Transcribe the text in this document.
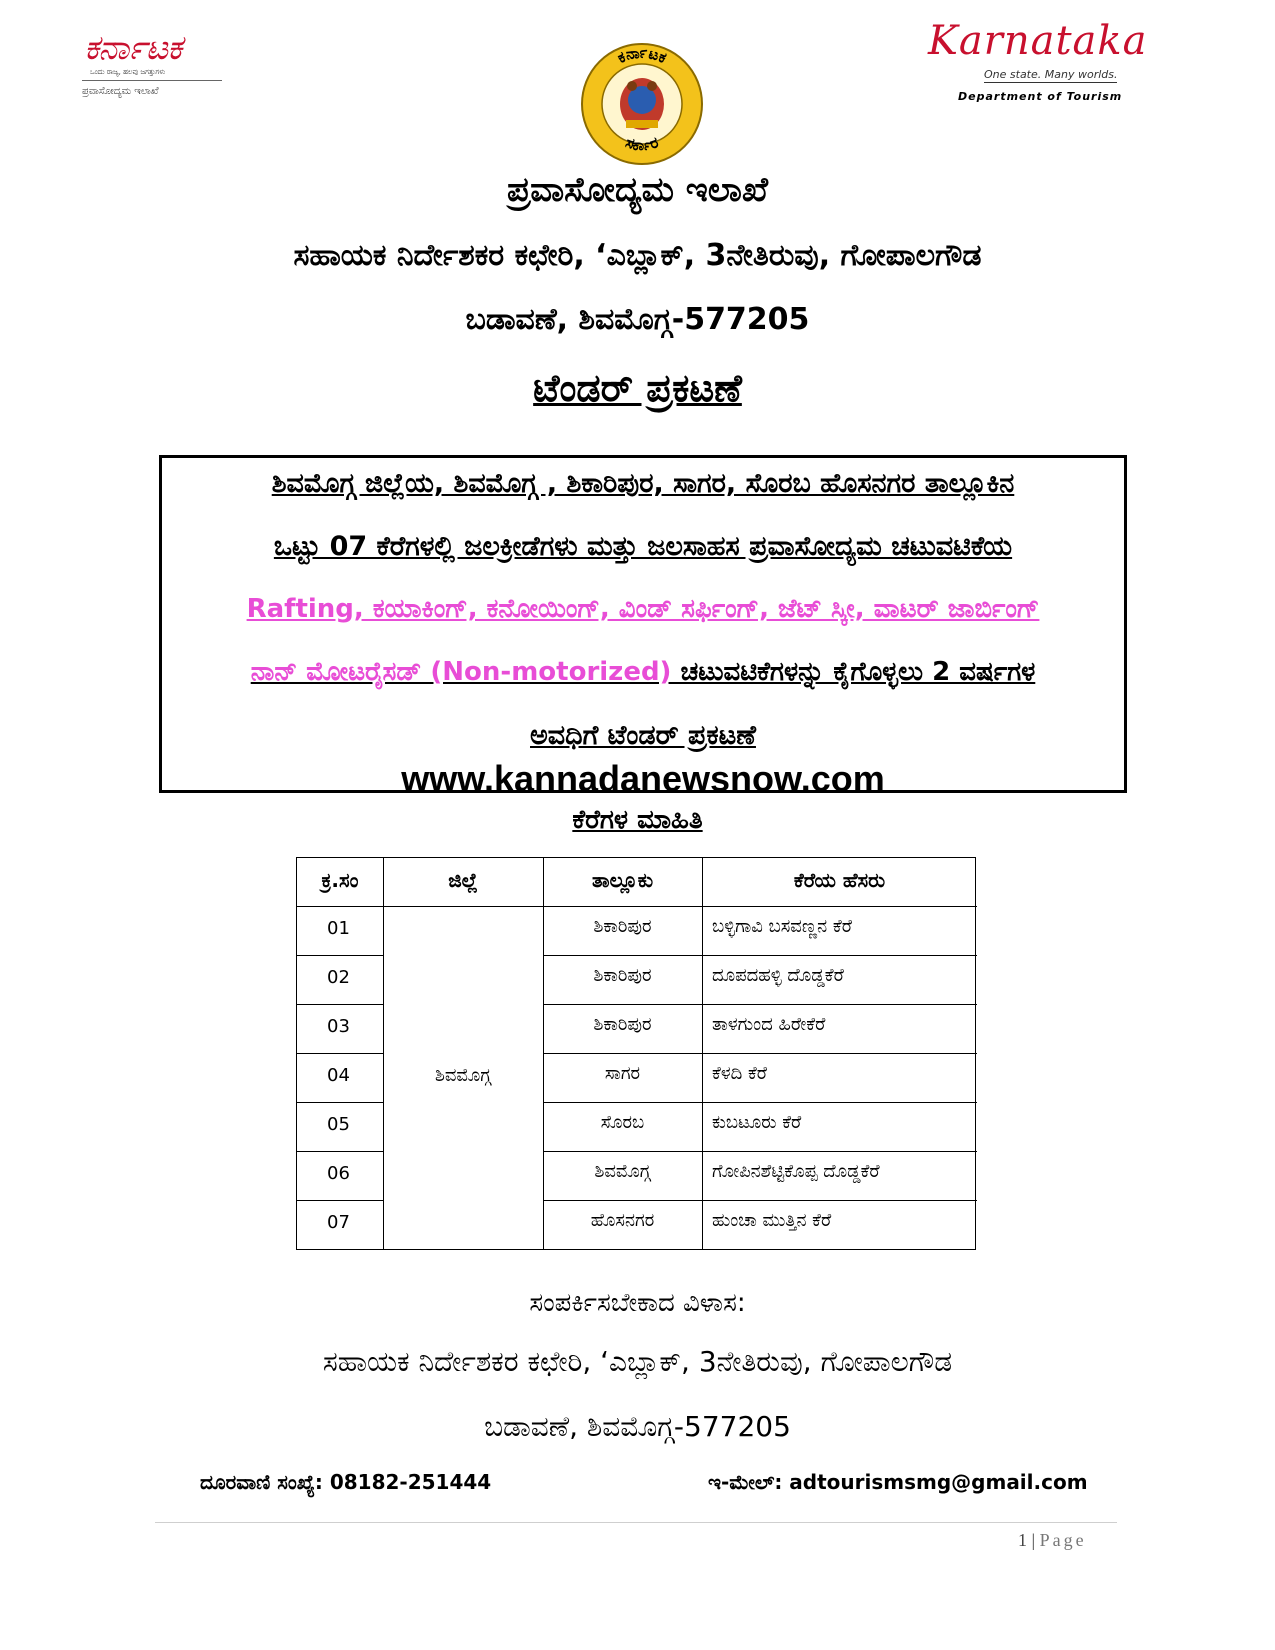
ಕರ್ನಾಟಕ
ಒಂದು ರಾಜ್ಯ, ಹಲವು ಜಗತ್ತುಗಳು
ಪ್ರವಾಸೋದ್ಯಮ ಇಲಾಖೆ
ಕರ್ನಾಟಕ
ಸರ್ಕಾರ
Karnataka
One state. Many worlds.
Department of Tourism
ಪ್ರವಾಸೋದ್ಯಮ ಇಲಾಖೆ
ಸಹಾಯಕ ನಿರ್ದೇಶಕರ ಕಛೇರಿ, ‘ಎಬ್ಲಾಕ್, 3ನೇತಿರುವು, ಗೋಪಾಲಗೌಡ
ಬಡಾವಣೆ, ಶಿವಮೊಗ್ಗ-577205
ಟೆಂಡರ್ ಪ್ರಕಟಣೆ
ಶಿವಮೊಗ್ಗ ಜಿಲ್ಲೆಯ, ಶಿವಮೊಗ್ಗ , ಶಿಕಾರಿಪುರ, ಸಾಗರ, ಸೊರಬ ಹೊಸನಗರ ತಾಲ್ಲೂಕಿನ
ಒಟ್ಟು 07 ಕೆರೆಗಳಲ್ಲಿ ಜಲಕ್ರೀಡೆಗಳು ಮತ್ತು ಜಲಸಾಹಸ ಪ್ರವಾಸೋದ್ಯಮ ಚಟುವಟಿಕೆಯ
Rafting, ಕಯಾಕಿಂಗ್, ಕನೋಯಿಂಗ್, ವಿಂಡ್ ಸರ್ಫಿಂಗ್, ಜೆಟ್ ಸ್ಕೀ, ವಾಟರ್ ಜಾರ್ಬಿಂಗ್
ನಾನ್ ಮೋಟರೈಸಡ್ (Non-motorized) ಚಟುವಟಿಕೆಗಳನ್ನು ಕೈಗೊಳ್ಳಲು 2 ವರ್ಷಗಳ
ಅವಧಿಗೆ ಟೆಂಡರ್ ಪ್ರಕಟಣೆ
www.kannadanewsnow.com
ಕೆರೆಗಳ ಮಾಹಿತಿ
ಕ್ರ.ಸಂ	ಜಿಲ್ಲೆ	ತಾಲ್ಲೂಕು	ಕೆರೆಯ ಹೆಸರು
ಶಿವಮೊಗ್ಗ
01	ಶಿಕಾರಿಪುರ	ಬಳ್ಳಿಗಾವಿ ಬಸವಣ್ಣನ ಕೆರೆ
02	ಶಿಕಾರಿಪುರ	ದೂಪದಹಳ್ಳಿ ದೊಡ್ಡಕೆರೆ
03	ಶಿಕಾರಿಪುರ	ತಾಳಗುಂದ ಹಿರೇಕೆರೆ
04	ಸಾಗರ	ಕೆಳದಿ ಕೆರೆ
05	ಸೊರಬ	ಕುಬಟೂರು ಕೆರೆ
06	ಶಿವಮೊಗ್ಗ	ಗೋಪಿನಶೆಟ್ಟಿಕೊಪ್ಪ ದೊಡ್ಡಕೆರೆ
07	ಹೊಸನಗರ	ಹುಂಚಾ ಮುತ್ತಿನ ಕೆರೆ
ಸಂಪರ್ಕಿಸಬೇಕಾದ ವಿಳಾಸ:
ಸಹಾಯಕ ನಿರ್ದೇಶಕರ ಕಛೇರಿ, ‘ಎಬ್ಲಾಕ್, 3ನೇತಿರುವು, ಗೋಪಾಲಗೌಡ
ಬಡಾವಣೆ, ಶಿವಮೊಗ್ಗ-577205
ದೂರವಾಣಿ ಸಂಖ್ಯೆ: 08182-251444	ಇ-ಮೇಲ್: adtourismsmg@gmail.com
1 | Page
